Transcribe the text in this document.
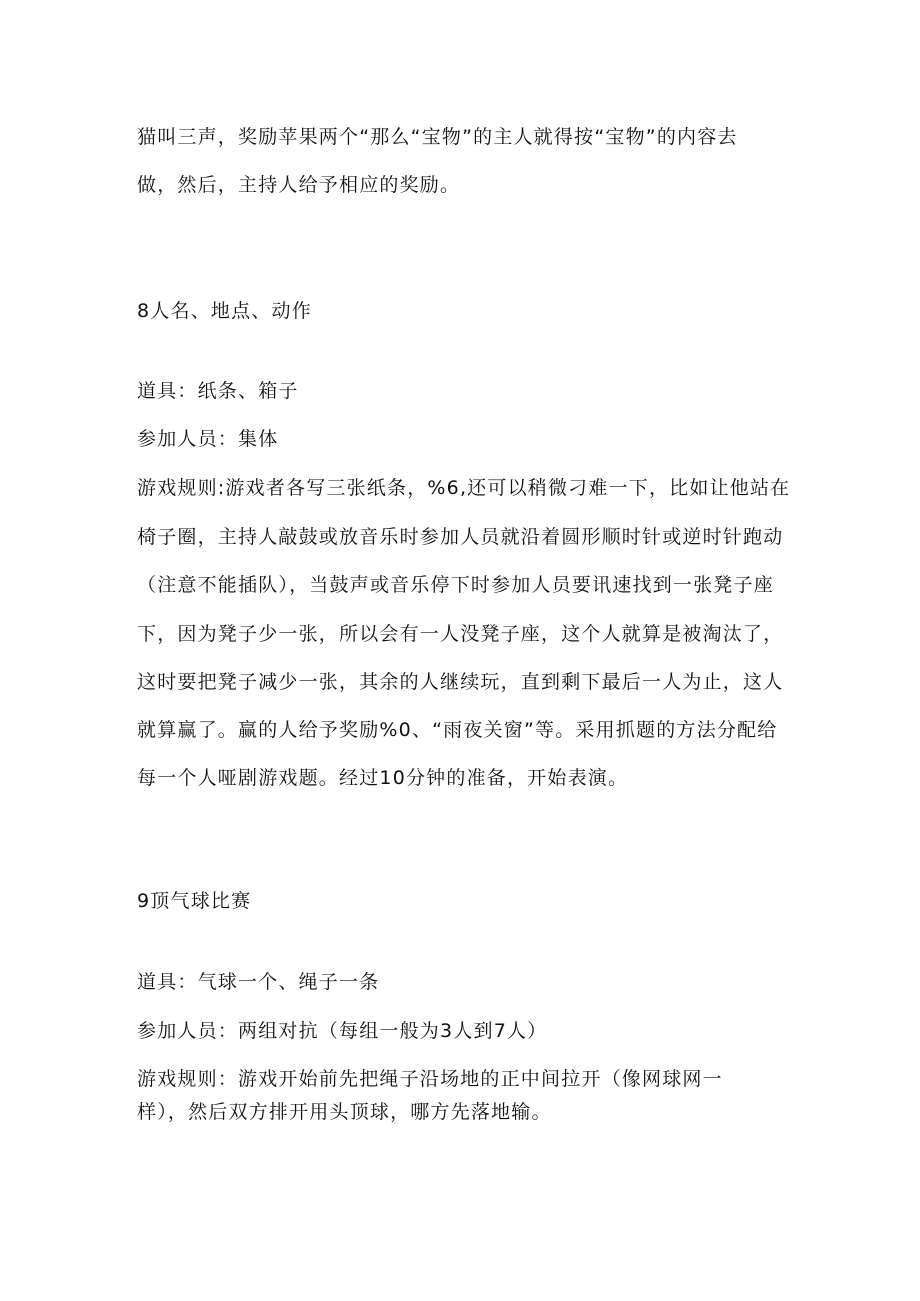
猫叫三声，奖励苹果两个“那么“宝物”的主人就得按“宝物”的内容去
做，然后，主持人给予相应的奖励。
8人名、地点、动作
道具：纸条、箱子
参加人员：集体
游戏规则:游戏者各写三张纸条，%6,还可以稍微刁难一下，比如让他站在
椅子圈，主持人敲鼓或放音乐时参加人员就沿着圆形顺时针或逆时针跑动
（注意不能插队），当鼓声或音乐停下时参加人员要讯速找到一张凳子座
下，因为凳子少一张，所以会有一人没凳子座，这个人就算是被淘汰了，
这时要把凳子减少一张，其余的人继续玩，直到剩下最后一人为止，这人
就算赢了。赢的人给予奖励%0、“雨夜关窗”等。采用抓题的方法分配给
每一个人哑剧游戏题。经过10分钟的准备，开始表演。
9顶气球比赛
道具：气球一个、绳子一条
参加人员：两组对抗（每组一般为3人到7人）
游戏规则：游戏开始前先把绳子沿场地的正中间拉开（像网球网一
样），然后双方排开用头顶球，哪方先落地输。
